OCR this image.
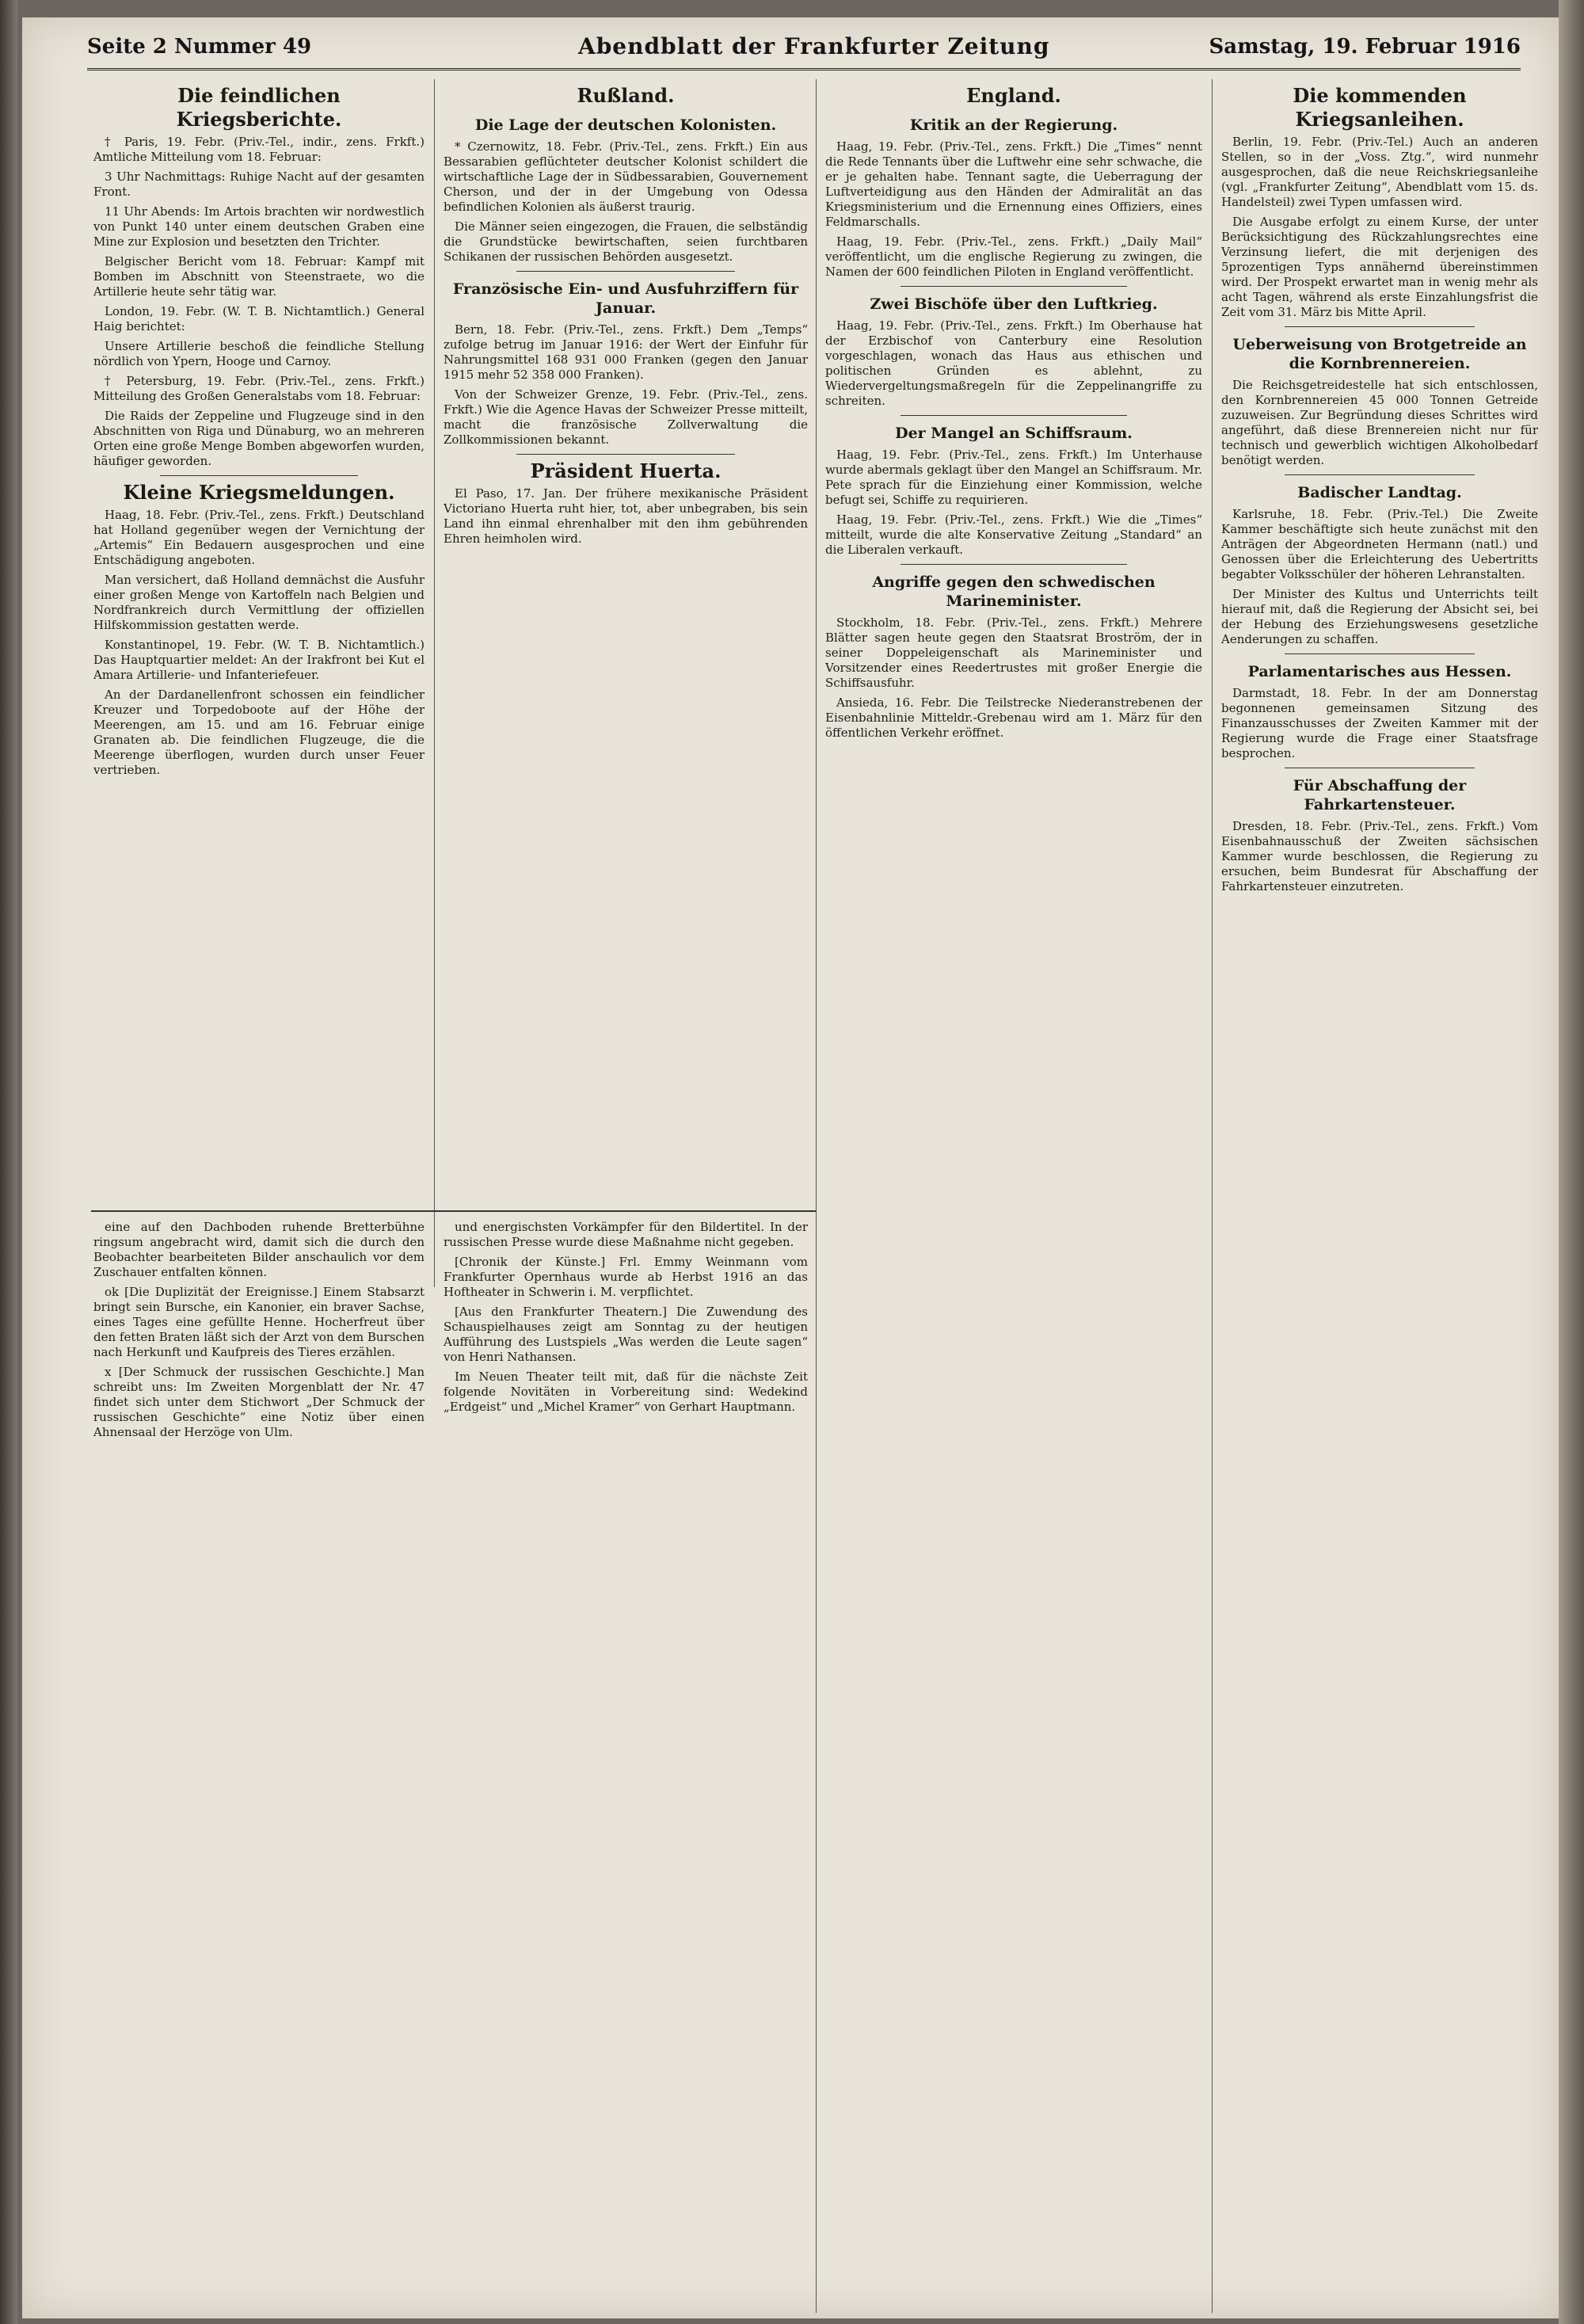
Seite 2 Nummer 49	Abendblatt der Frankfurter Zeitung	Samstag, 19. Februar 1916
Die feindlichen Kriegsberichte.

† Paris, 19. Febr. (Priv.-Tel., indir., zens. Frkft.) Amtliche Mitteilung vom 18. Februar:

3 Uhr Nachmittags: Ruhige Nacht auf der gesamten Front.

11 Uhr Abends: Im Artois brachten wir nordwestlich von Punkt 140 unter einem deutschen Graben eine Mine zur Explosion und besetzten den Trichter.

Belgischer Bericht vom 18. Februar: Kampf mit Bomben im Abschnitt von Steenstraete, wo die Artillerie heute sehr tätig war.

London, 19. Febr. (W. T. B. Nichtamtlich.) General Haig berichtet:

Unsere Artillerie beschoß die feindliche Stellung nördlich von Ypern, Hooge und Carnoy.

† Petersburg, 19. Febr. (Priv.-Tel., zens. Frkft.) Mitteilung des Großen Generalstabs vom 18. Februar:

Die Raids der Zeppeline und Flugzeuge sind in den Abschnitten von Riga und Dünaburg, wo an mehreren Orten eine große Menge Bomben abgeworfen wurden, häufiger geworden.

Kleine Kriegsmeldungen.

Haag, 18. Febr. (Priv.-Tel., zens. Frkft.) Deutschland hat Holland gegenüber wegen der Vernichtung der „Artemis“ Ein Bedauern ausgesprochen und eine Entschädigung angeboten.

Man versichert, daß Holland demnächst die Ausfuhr einer großen Menge von Kartoffeln nach Belgien und Nordfrankreich durch Vermittlung der offiziellen Hilfskommission gestatten werde.

Konstantinopel, 19. Febr. (W. T. B. Nichtamtlich.) Das Hauptquartier meldet: An der Irakfront bei Kut el Amara Artillerie- und Infanteriefeuer.

An der Dardanellenfront schossen ein feindlicher Kreuzer und Torpedoboote auf der Höhe der Meerengen, am 15. und am 16. Februar einige Granaten ab. Die feindlichen Flugzeuge, die die Meerenge überflogen, wurden durch unser Feuer vertrieben.

Rußland.
Die Lage der deutschen Kolonisten.

* Czernowitz, 18. Febr. (Priv.-Tel., zens. Frkft.) Ein aus Bessarabien geflüchteter deutscher Kolonist schildert die wirtschaftliche Lage der in Südbessarabien, Gouvernement Cherson, und der in der Umgebung von Odessa befindlichen Kolonien als äußerst traurig.

Die Männer seien eingezogen, die Frauen, die selbständig die Grundstücke bewirtschaften, seien furchtbaren Schikanen der russischen Behörden ausgesetzt.

Französische Ein- und Ausfuhrziffern für Januar.

Bern, 18. Febr. (Priv.-Tel., zens. Frkft.) Dem „Temps“ zufolge betrug im Januar 1916: der Wert der Einfuhr für Nahrungsmittel 168 931 000 Franken (gegen den Januar 1915 mehr 52 358 000 Franken).

Von der Schweizer Grenze, 19. Febr. (Priv.-Tel., zens. Frkft.) Wie die Agence Havas der Schweizer Presse mitteilt, macht die französische Zollverwaltung die Zollkommissionen bekannt.

Präsident Huerta.

El Paso, 17. Jan. Der frühere mexikanische Präsident Victoriano Huerta ruht hier, tot, aber unbegraben, bis sein Land ihn einmal ehrenhalber mit den ihm gebührenden Ehren heimholen wird.

England.
Kritik an der Regierung.

Haag, 19. Febr. (Priv.-Tel., zens. Frkft.) Die „Times“ nennt die Rede Tennants über die Luftwehr eine sehr schwache, die er je gehalten habe. Tennant sagte, die Ueberragung der Luftverteidigung aus den Händen der Admiralität an das Kriegsministerium und die Ernennung eines Offiziers, eines Feldmarschalls.

Haag, 19. Febr. (Priv.-Tel., zens. Frkft.) „Daily Mail“ veröffentlicht, um die englische Regierung zu zwingen, die Namen der 600 feindlichen Piloten in England veröffentlicht.

Zwei Bischöfe über den Luftkrieg.

Haag, 19. Febr. (Priv.-Tel., zens. Frkft.) Im Oberhause hat der Erzbischof von Canterbury eine Resolution vorgeschlagen, wonach das Haus aus ethischen und politischen Gründen es ablehnt, zu Wiedervergeltungsmaßregeln für die Zeppelinangriffe zu schreiten.

Der Mangel an Schiffsraum.

Haag, 19. Febr. (Priv.-Tel., zens. Frkft.) Im Unterhause wurde abermals geklagt über den Mangel an Schiffsraum. Mr. Pete sprach für die Einziehung einer Kommission, welche befugt sei, Schiffe zu requirieren.

Haag, 19. Febr. (Priv.-Tel., zens. Frkft.) Wie die „Times“ mitteilt, wurde die alte Konservative Zeitung „Standard“ an die Liberalen verkauft.

Angriffe gegen den schwedischen Marineminister.

Stockholm, 18. Febr. (Priv.-Tel., zens. Frkft.) Mehrere Blätter sagen heute gegen den Staatsrat Broström, der in seiner Doppeleigenschaft als Marineminister und Vorsitzender eines Reedertrustes mit großer Energie die Schiffsausfuhr.

Ansieda, 16. Febr. Die Teilstrecke Niederanstrebenen der Eisenbahnlinie Mitteldr.-Grebenau wird am 1. März für den öffentlichen Verkehr eröffnet.

Die kommenden Kriegsanleihen.

Berlin, 19. Febr. (Priv.-Tel.) Auch an anderen Stellen, so in der „Voss. Ztg.“, wird nunmehr ausgesprochen, daß die neue Reichskriegsanleihe (vgl. „Frankfurter Zeitung“, Abendblatt vom 15. ds. Handelsteil) zwei Typen umfassen wird.

Die Ausgabe erfolgt zu einem Kurse, der unter Berücksichtigung des Rückzahlungsrechtes eine Verzinsung liefert, die mit derjenigen des 5prozentigen Typs annähernd übereinstimmen wird. Der Prospekt erwartet man in wenig mehr als acht Tagen, während als erste Einzahlungsfrist die Zeit vom 31. März bis Mitte April.

Ueberweisung von Brotgetreide an die Kornbrennereien.

Die Reichsgetreidestelle hat sich entschlossen, den Kornbrennereien 45 000 Tonnen Getreide zuzuweisen. Zur Begründung dieses Schrittes wird angeführt, daß diese Brennereien nicht nur für technisch und gewerblich wichtigen Alkoholbedarf benötigt werden.

Badischer Landtag.

Karlsruhe, 18. Febr. (Priv.-Tel.) Die Zweite Kammer beschäftigte sich heute zunächst mit den Anträgen der Abgeordneten Hermann (natl.) und Genossen über die Erleichterung des Uebertritts begabter Volksschüler der höheren Lehranstalten.

Der Minister des Kultus und Unterrichts teilt hierauf mit, daß die Regierung der Absicht sei, bei der Hebung des Erziehungswesens gesetzliche Aenderungen zu schaffen.

Parlamentarisches aus Hessen.

Darmstadt, 18. Febr. In der am Donnerstag begonnenen gemeinsamen Sitzung des Finanzausschusses der Zweiten Kammer mit der Regierung wurde die Frage einer Staatsfrage besprochen.

Für Abschaffung der Fahrkartensteuer.

Dresden, 18. Febr. (Priv.-Tel., zens. Frkft.) Vom Eisenbahnausschuß der Zweiten sächsischen Kammer wurde beschlossen, die Regierung zu ersuchen, beim Bundesrat für Abschaffung der Fahrkartensteuer einzutreten.

eine auf den Dachboden ruhende Bretterbühne ringsum angebracht wird, damit sich die durch den Beobachter bearbeiteten Bilder anschaulich vor dem Zuschauer entfalten können.

ok [Die Duplizität der Ereignisse.] Einem Stabsarzt bringt sein Bursche, ein Kanonier, ein braver Sachse, eines Tages eine gefüllte Henne. Hocherfreut über den fetten Braten läßt sich der Arzt von dem Burschen nach Herkunft und Kaufpreis des Tieres erzählen.

x [Der Schmuck der russischen Geschichte.] Man schreibt uns: Im Zweiten Morgenblatt der Nr. 47 findet sich unter dem Stichwort „Der Schmuck der russischen Geschichte“ eine Notiz über einen Ahnensaal der Herzöge von Ulm.

und energischsten Vorkämpfer für den Bildertitel. In der russischen Presse wurde diese Maßnahme nicht gegeben.

[Chronik der Künste.] Frl. Emmy Weinmann vom Frankfurter Opernhaus wurde ab Herbst 1916 an das Hoftheater in Schwerin i. M. verpflichtet.

[Aus den Frankfurter Theatern.] Die Zuwendung des Schauspielhauses zeigt am Sonntag zu der heutigen Aufführung des Lustspiels „Was werden die Leute sagen“ von Henri Nathansen.

Im Neuen Theater teilt mit, daß für die nächste Zeit folgende Novitäten in Vorbereitung sind: Wedekind „Erdgeist“ und „Michel Kramer“ von Gerhart Hauptmann.
